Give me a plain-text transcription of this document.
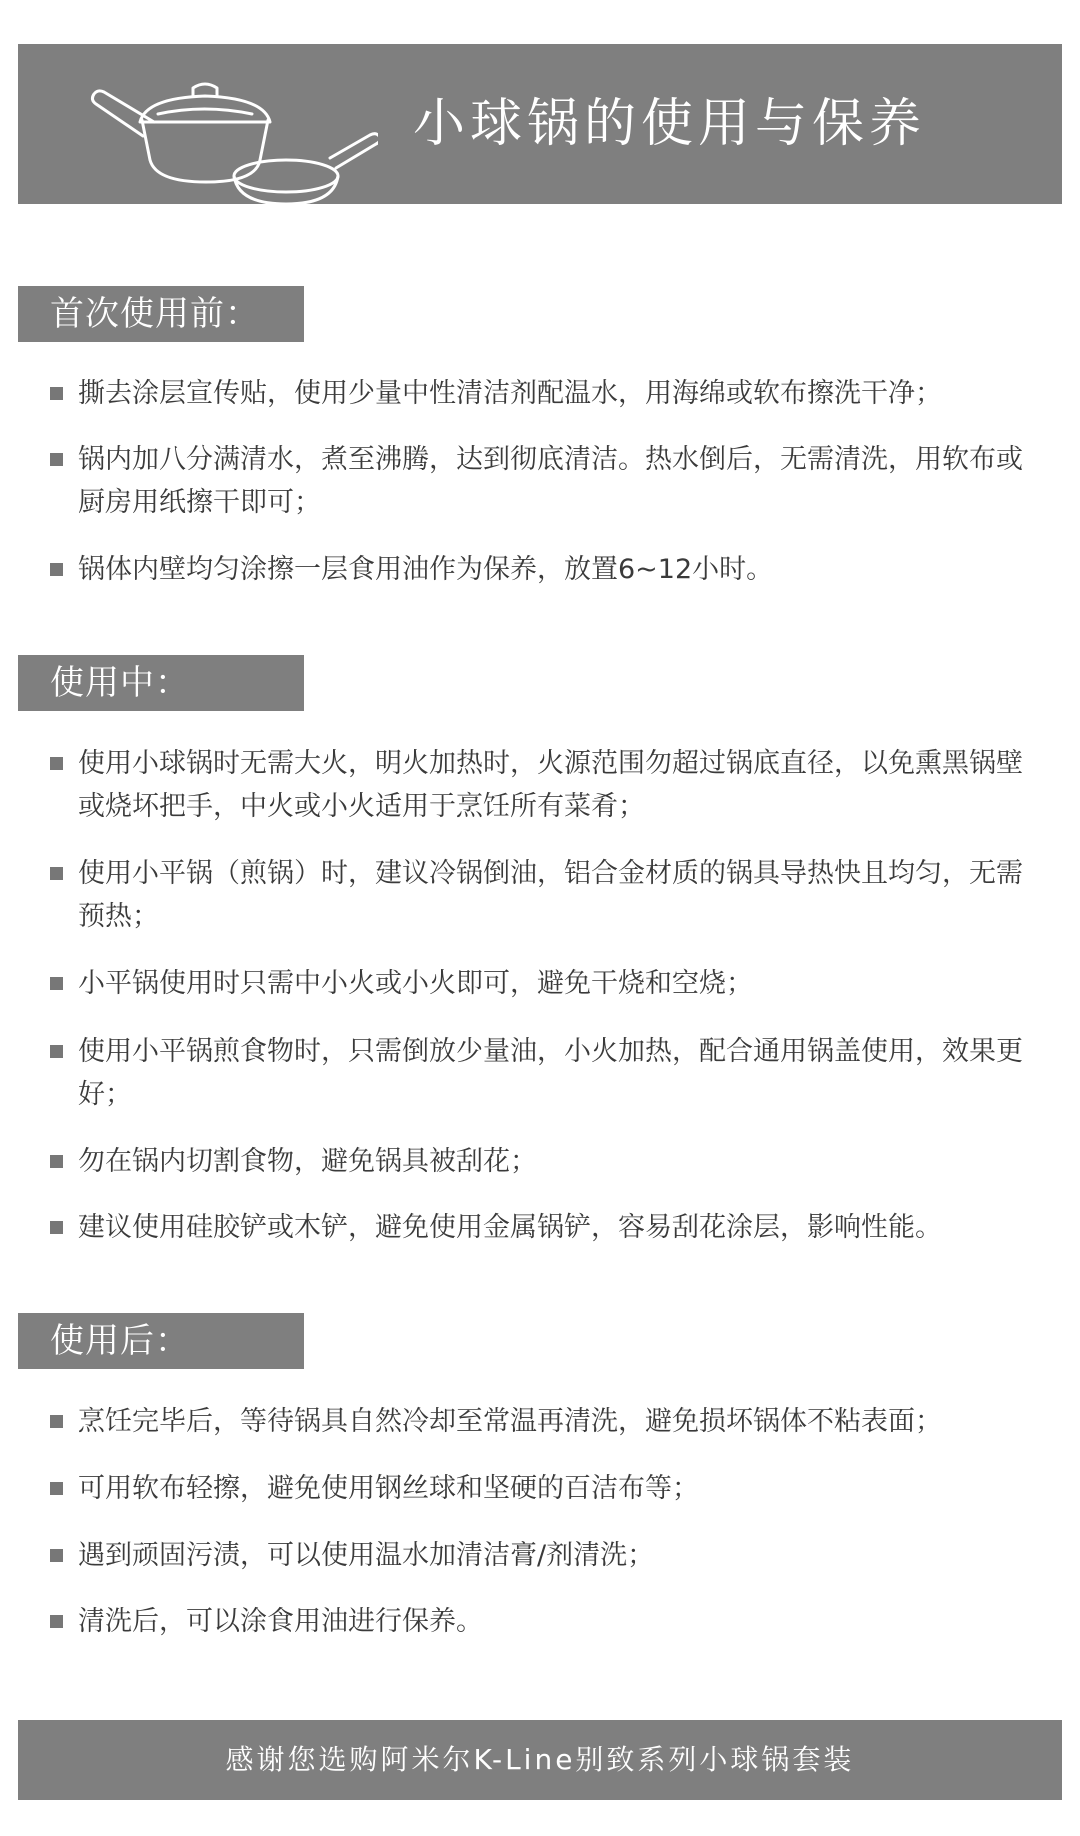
小球锅的使用与保养
首次使用前：
撕去涂层宣传贴，使用少量中性清洁剂配温水，用海绵或软布擦洗干净；
锅内加八分满清水，煮至沸腾，达到彻底清洁。热水倒后，无需清洗，用软布或厨房用纸擦干即可；
锅体内壁均匀涂擦一层食用油作为保养，放置6~12小时。
使用中：
使用小球锅时无需大火，明火加热时，火源范围勿超过锅底直径，以免熏黑锅壁或烧坏把手，中火或小火适用于烹饪所有菜肴；
使用小平锅（煎锅）时，建议冷锅倒油，铝合金材质的锅具导热快且均匀，无需预热；
小平锅使用时只需中小火或小火即可，避免干烧和空烧；
使用小平锅煎食物时，只需倒放少量油，小火加热，配合通用锅盖使用，效果更好；
勿在锅内切割食物，避免锅具被刮花；
建议使用硅胶铲或木铲，避免使用金属锅铲，容易刮花涂层，影响性能。
使用后：
烹饪完毕后，等待锅具自然冷却至常温再清洗，避免损坏锅体不粘表面；
可用软布轻擦，避免使用钢丝球和坚硬的百洁布等；
遇到顽固污渍，可以使用温水加清洁膏/剂清洗；
清洗后，可以涂食用油进行保养。
感谢您选购阿米尔K-Line别致系列小球锅套装
